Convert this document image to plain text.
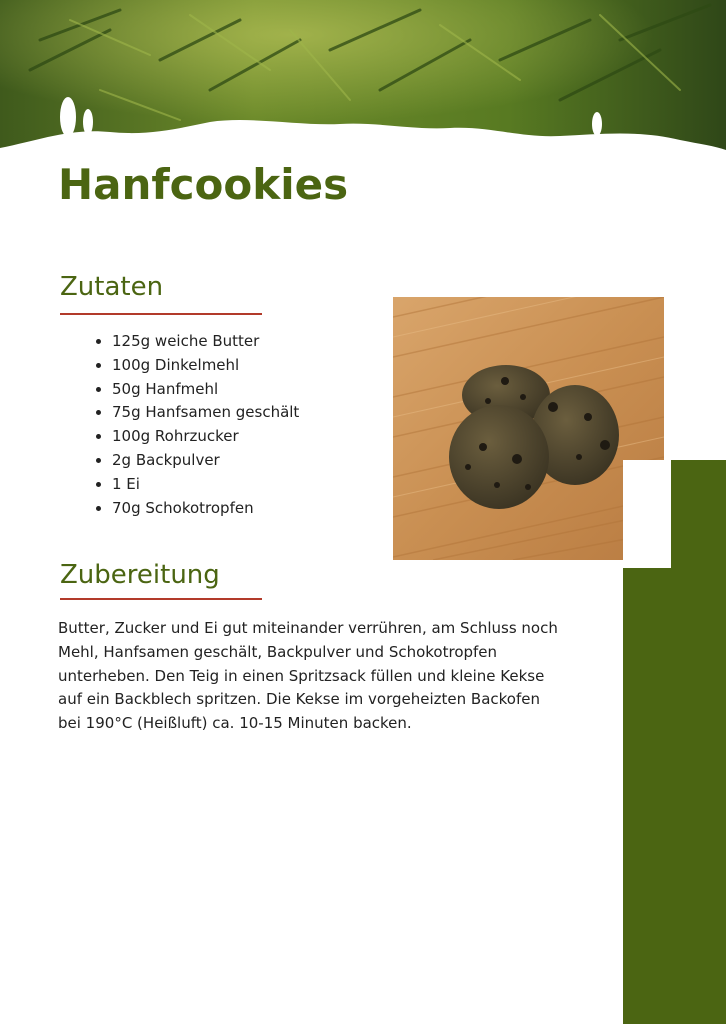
Hanfcookies
Zutaten
• 125g weiche Butter
• 100g Dinkelmehl
• 50g Hanfmehl
• 75g Hanfsamen geschält
• 100g Rohrzucker
• 2g Backpulver
• 1 Ei
• 70g Schokotropfen
Zubereitung

Butter, Zucker und Ei gut miteinander verrühren, am Schluss noch Mehl, Hanfsamen geschält, Backpulver und Schokotropfen unterheben. Den Teig in einen Spritzsack füllen und kleine Kekse auf ein Backblech spritzen. Die Kekse im vorgeheizten Backofen bei 190°C (Heißluft) ca. 10-15 Minuten backen.
